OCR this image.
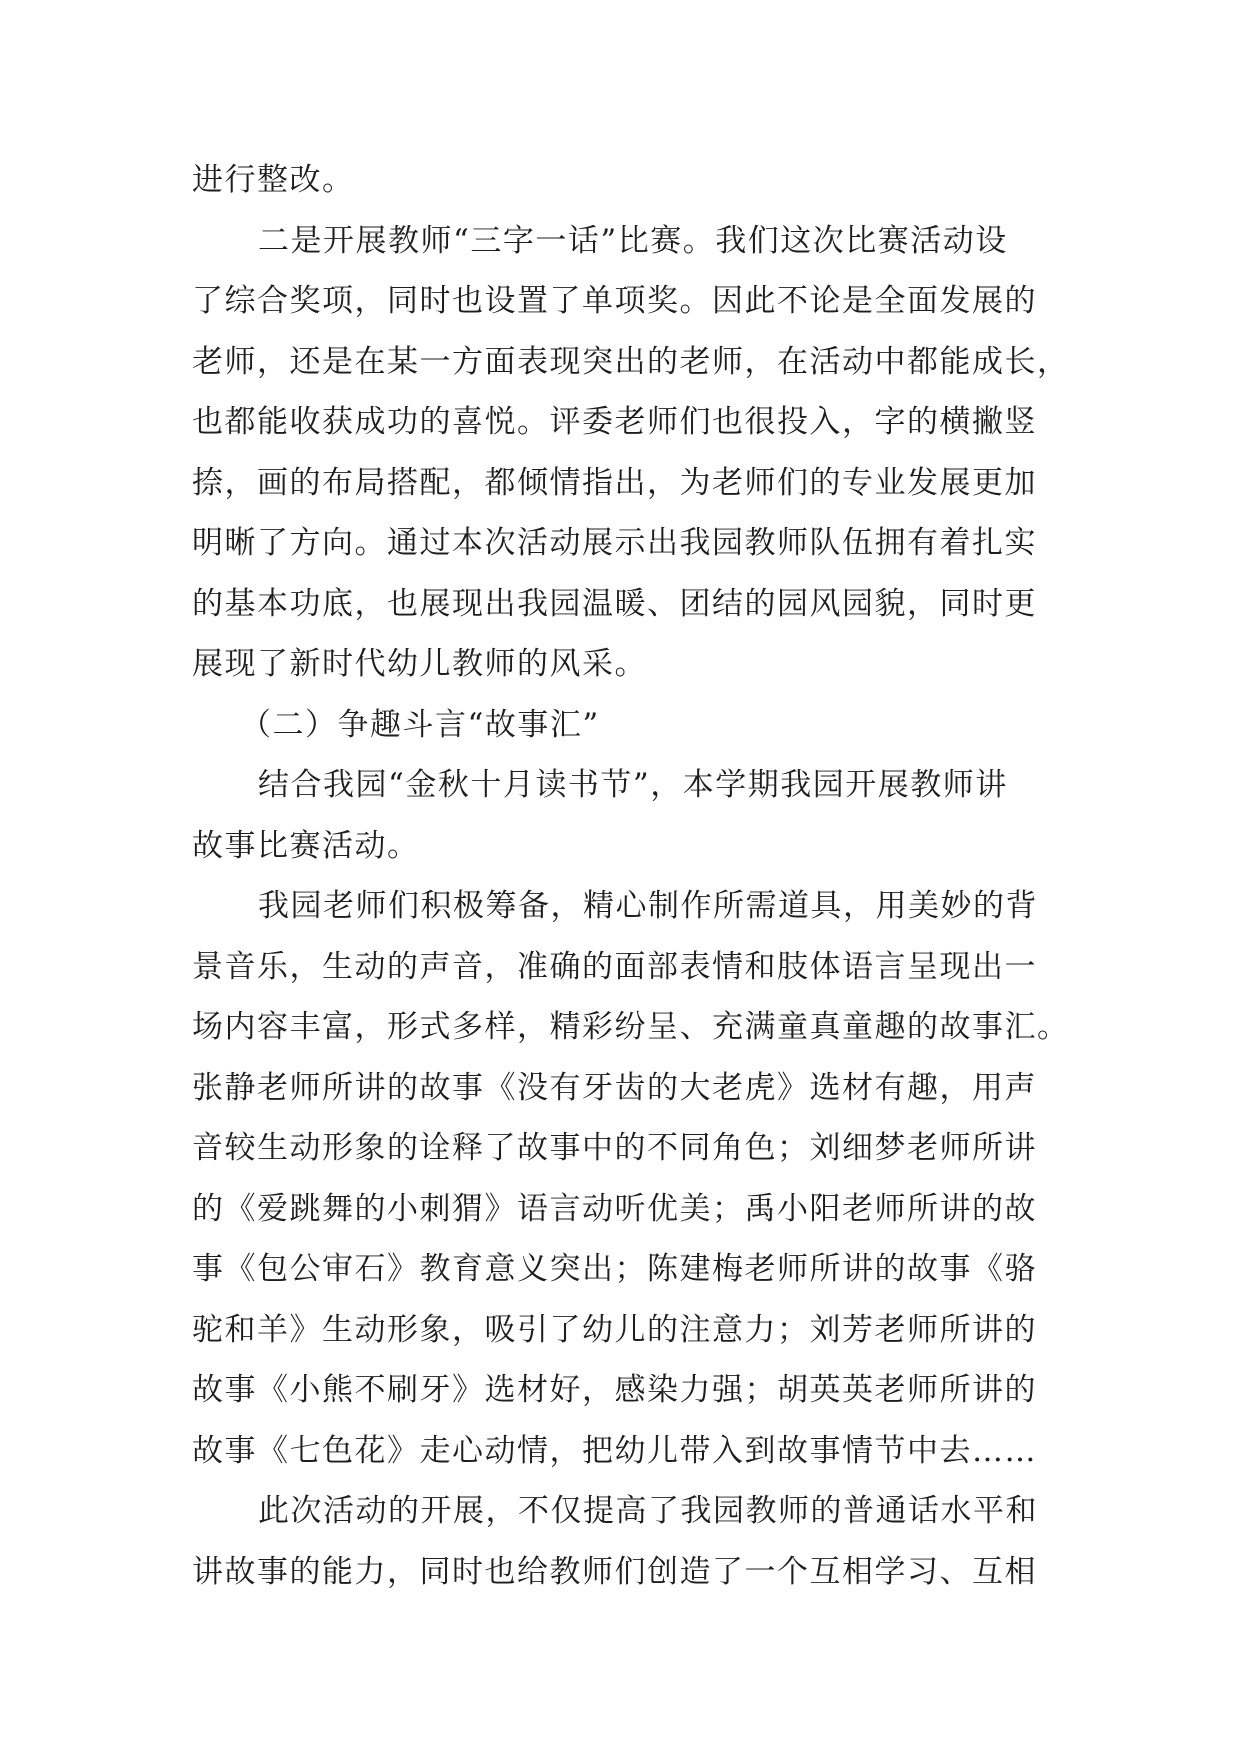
进行整改。
二是开展教师“三字一话”比赛。我们这次比赛活动设
了综合奖项，同时也设置了单项奖。因此不论是全面发展的
老师，还是在某一方面表现突出的老师，在活动中都能成长，
也都能收获成功的喜悦。评委老师们也很投入，字的横撇竖
捺，画的布局搭配，都倾情指出，为老师们的专业发展更加
明晰了方向。通过本次活动展示出我园教师队伍拥有着扎实
的基本功底，也展现出我园温暖、团结的园风园貌，同时更
展现了新时代幼儿教师的风采。
（二）争趣斗言“故事汇”
结合我园“金秋十月读书节”，本学期我园开展教师讲
故事比赛活动。
我园老师们积极筹备，精心制作所需道具，用美妙的背
景音乐，生动的声音，准确的面部表情和肢体语言呈现出一
场内容丰富，形式多样，精彩纷呈、充满童真童趣的故事汇。
张静老师所讲的故事《没有牙齿的大老虎》选材有趣，用声
音较生动形象的诠释了故事中的不同角色；刘细梦老师所讲
的《爱跳舞的小刺猬》语言动听优美；禹小阳老师所讲的故
事《包公审石》教育意义突出；陈建梅老师所讲的故事《骆
驼和羊》生动形象，吸引了幼儿的注意力；刘芳老师所讲的
故事《小熊不刷牙》选材好，感染力强；胡英英老师所讲的
故事《七色花》走心动情，把幼儿带入到故事情节中去……
此次活动的开展，不仅提高了我园教师的普通话水平和
讲故事的能力，同时也给教师们创造了一个互相学习、互相
